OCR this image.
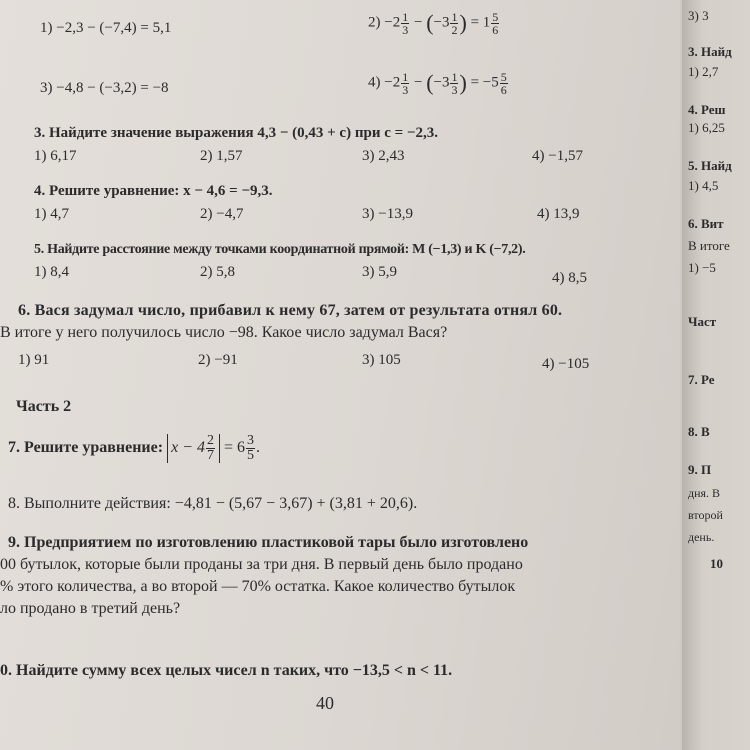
1) −2,3 − (−7,4) = 5,1	$2) -2 \frac{1}{3} - (-3 \frac{1}{2}$ ) = $1 \frac{5}{6}$
3) −4,8 − (−3,2) = −8	$4) -2 \frac{1}{3} - (-3 \frac{1}{3}$ ) = $-5 \frac{5}{6}$
3. Найдите значение выражения 4,3 − (0,43 + c) при c = −2,3.
1) 6,17	2) 1,57	3) 2,43	4) −1,57
4. Решите уравнение: x − 4,6 = −9,3.
1) 4,7	2) −4,7	3) −13,9	4) 13,9
5. Найдите расстояние между точками координатной прямой: M (−1,3) и K (−7,2).
1) 8,4	2) 5,8	3) 5,9	4) 8,5
6. Вася задумал число, прибавил к нему 67, затем от результата отнял 60.
В итоге у него получилось число −98. Какое число задумал Вася?
1) 91	2) −91	3) 105	4) −105
Часть 2
7. Решите уравнение: $x - 4 \frac{2}{7} = 6 \frac{3}{5}$ .
8. Выполните действия: −4,81 − (5,67 − 3,67) + (3,81 + 20,6).
9. Предприятием по изготовлению пластиковой тары было изготовлено
00 бутылок, которые были проданы за три дня. В первый день было продано
% этого количества, а во второй — 70% остатка. Какое количество бутылок
ло продано в третий день?
0. Найдите сумму всех целых чисел n таких, что −13,5 < n < 11.
40
3) 3
3. Найд
1) 2,7
4. Реш
1) 6,25
5. Найд
1) 4,5
6. Вит
В итоге
1) −5
Част
7. Ре
8. В
9. П
дня. В
второй
день.
10
